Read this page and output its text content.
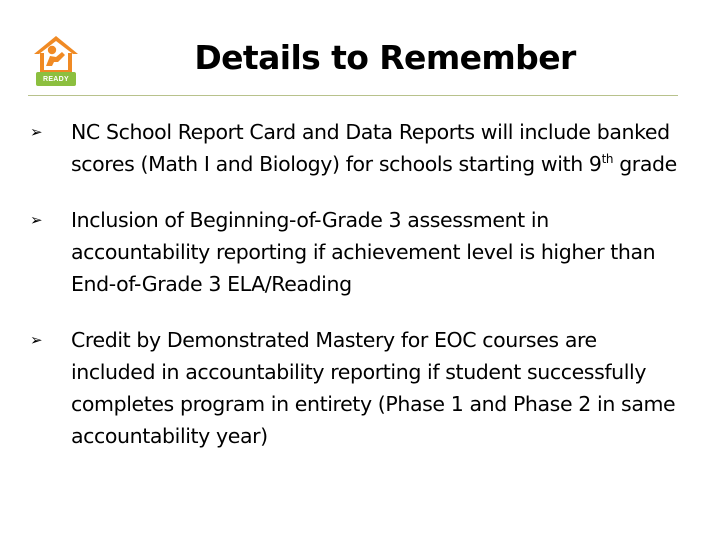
READY
Details to Remember
➢ NC School Report Card and Data Reports will include banked scores (Math I and Biology) for schools starting with 9th grade
➢ Inclusion of Beginning-of-Grade 3 assessment in accountability reporting if achievement level is higher than End-of-Grade 3 ELA/Reading
➢ Credit by Demonstrated Mastery for EOC courses are included in accountability reporting if student successfully completes program in entirety (Phase 1 and Phase 2 in same accountability year)
